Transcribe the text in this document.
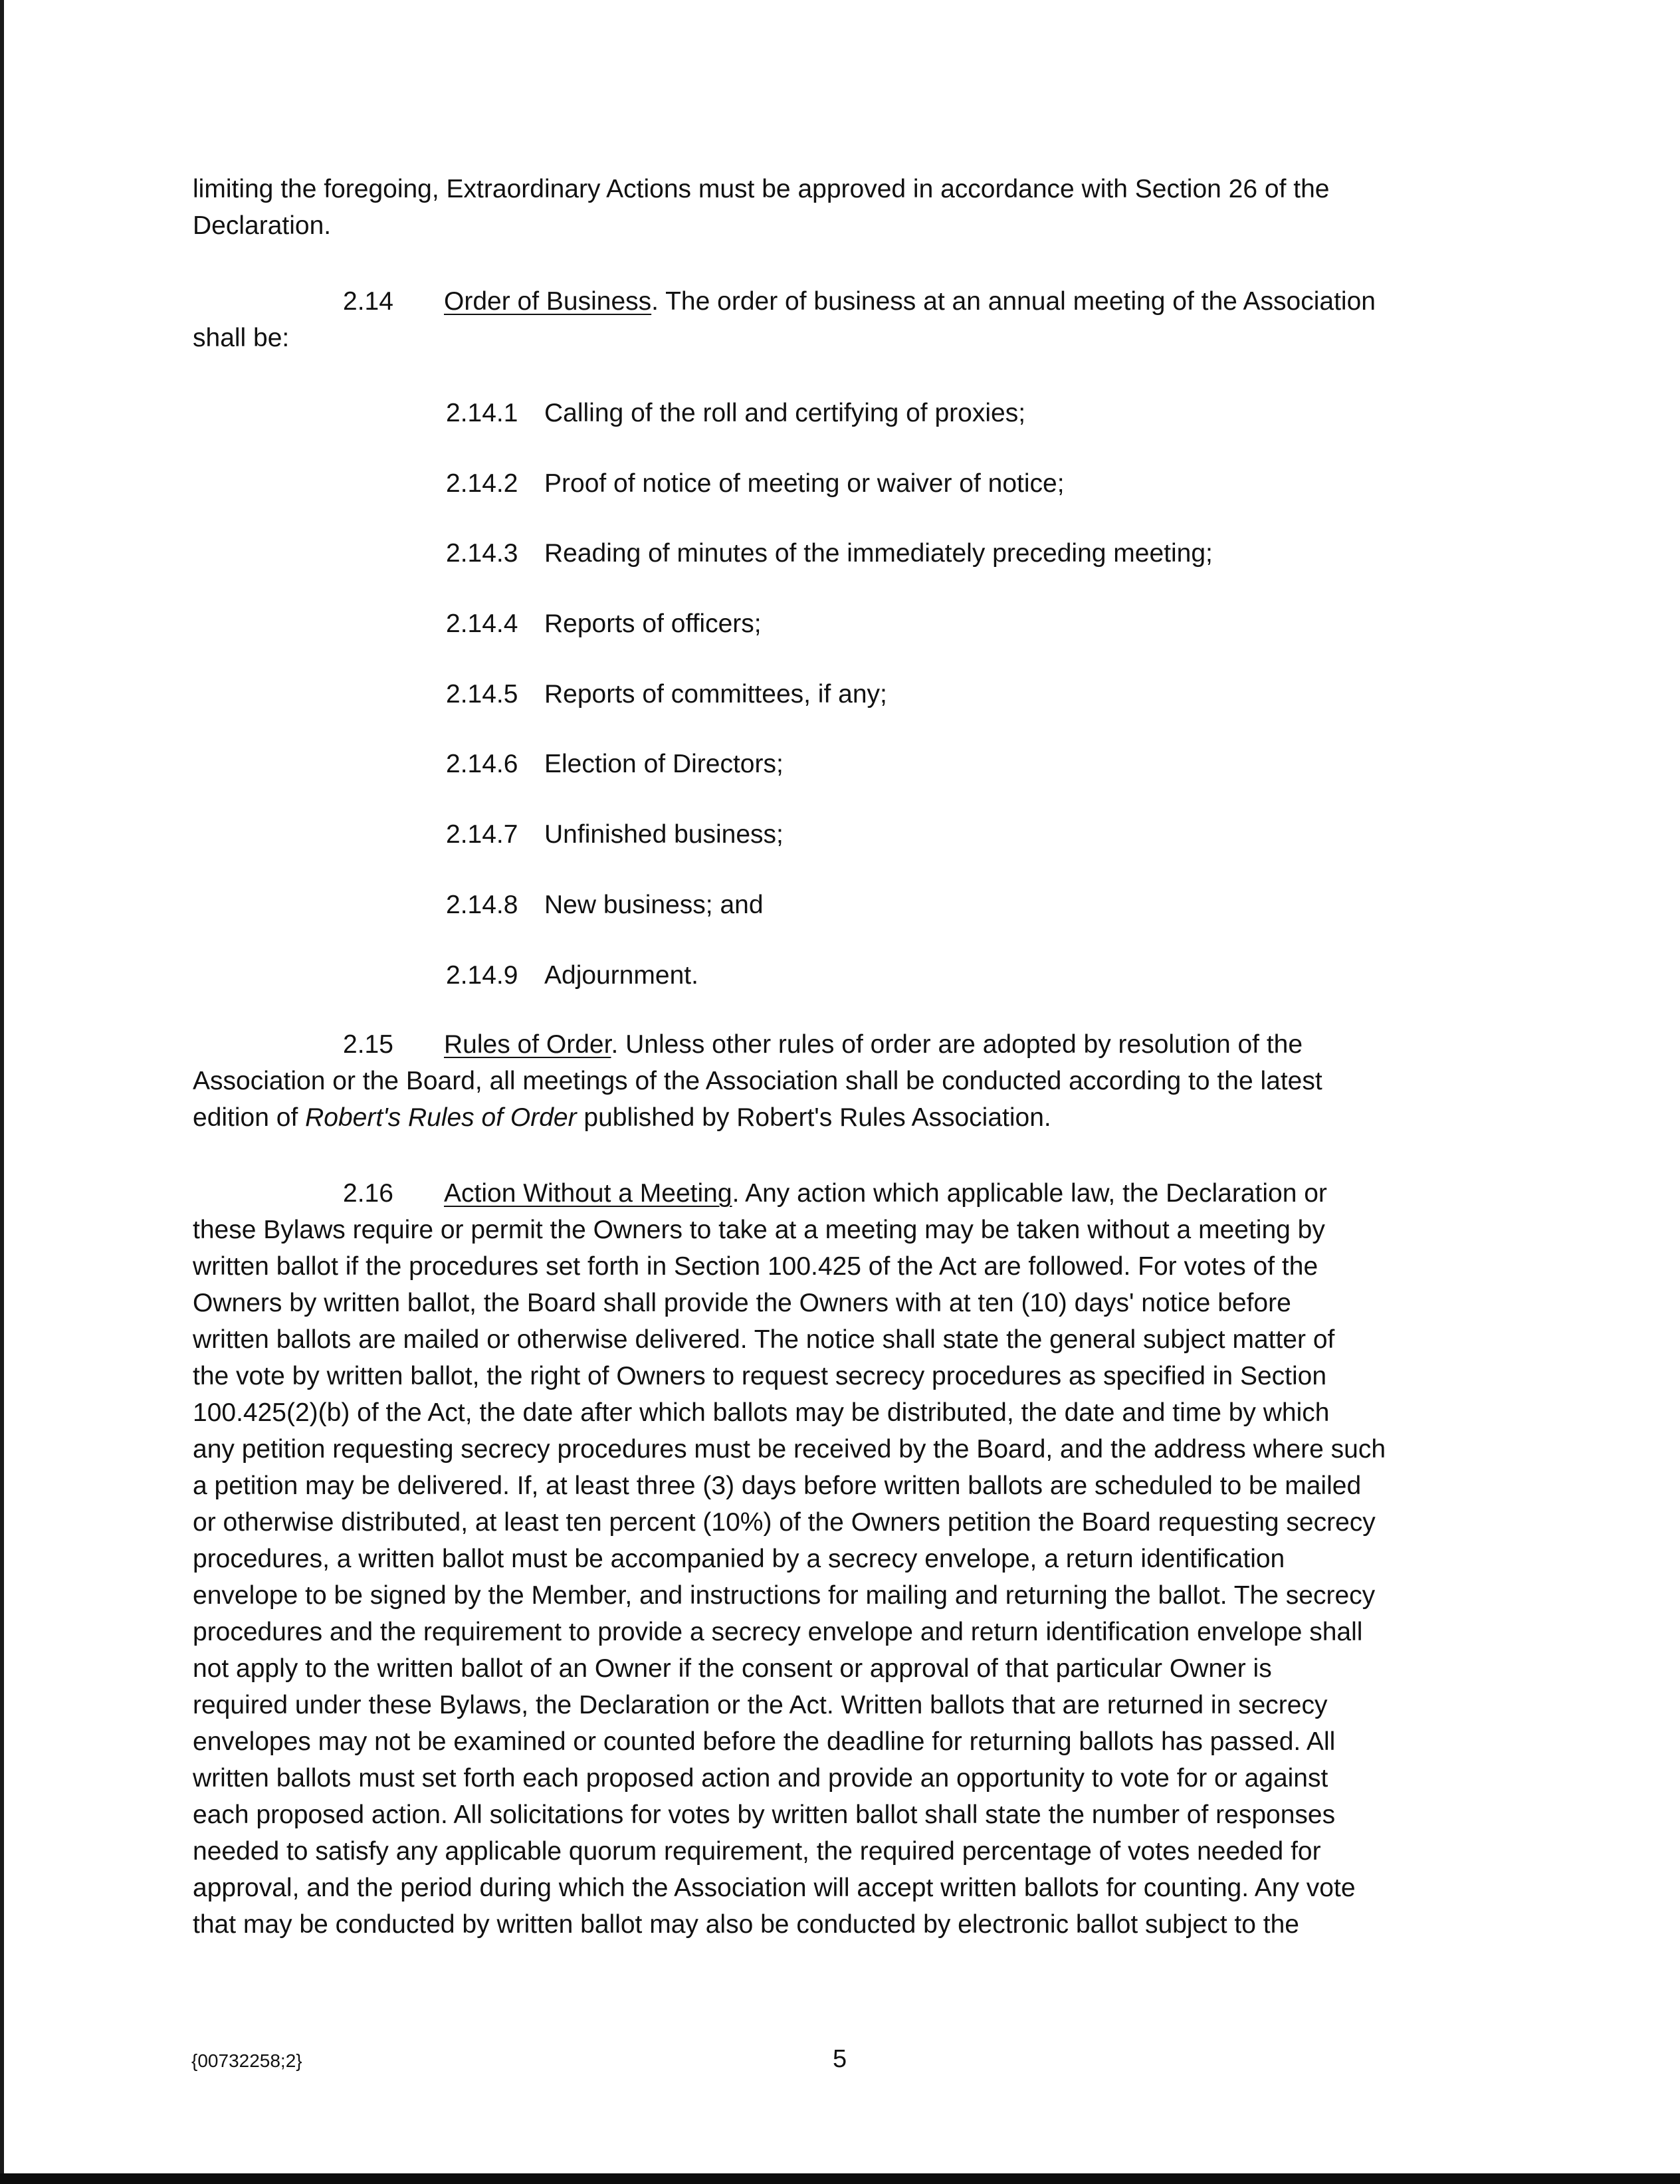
limiting the foregoing, Extraordinary Actions must be approved in accordance with Section 26 of the
Declaration.
2.14 Order of Business. The order of business at an annual meeting of the Association
shall be:
2.14.1 Calling of the roll and certifying of proxies;
2.14.2 Proof of notice of meeting or waiver of notice;
2.14.3 Reading of minutes of the immediately preceding meeting;
2.14.4 Reports of officers;
2.14.5 Reports of committees, if any;
2.14.6 Election of Directors;
2.14.7 Unfinished business;
2.14.8 New business; and
2.14.9 Adjournment.
2.15 Rules of Order. Unless other rules of order are adopted by resolution of the
Association or the Board, all meetings of the Association shall be conducted according to the latest
edition of Robert's Rules of Order published by Robert's Rules Association.
2.16 Action Without a Meeting. Any action which applicable law, the Declaration or
these Bylaws require or permit the Owners to take at a meeting may be taken without a meeting by
written ballot if the procedures set forth in Section 100.425 of the Act are followed. For votes of the
Owners by written ballot, the Board shall provide the Owners with at ten (10) days' notice before
written ballots are mailed or otherwise delivered. The notice shall state the general subject matter of
the vote by written ballot, the right of Owners to request secrecy procedures as specified in Section
100.425(2)(b) of the Act, the date after which ballots may be distributed, the date and time by which
any petition requesting secrecy procedures must be received by the Board, and the address where such
a petition may be delivered. If, at least three (3) days before written ballots are scheduled to be mailed
or otherwise distributed, at least ten percent (10%) of the Owners petition the Board requesting secrecy
procedures, a written ballot must be accompanied by a secrecy envelope, a return identification
envelope to be signed by the Member, and instructions for mailing and returning the ballot. The secrecy
procedures and the requirement to provide a secrecy envelope and return identification envelope shall
not apply to the written ballot of an Owner if the consent or approval of that particular Owner is
required under these Bylaws, the Declaration or the Act. Written ballots that are returned in secrecy
envelopes may not be examined or counted before the deadline for returning ballots has passed. All
written ballots must set forth each proposed action and provide an opportunity to vote for or against
each proposed action. All solicitations for votes by written ballot shall state the number of responses
needed to satisfy any applicable quorum requirement, the required percentage of votes needed for
approval, and the period during which the Association will accept written ballots for counting. Any vote
that may be conducted by written ballot may also be conducted by electronic ballot subject to the
{00732258;2}	5
